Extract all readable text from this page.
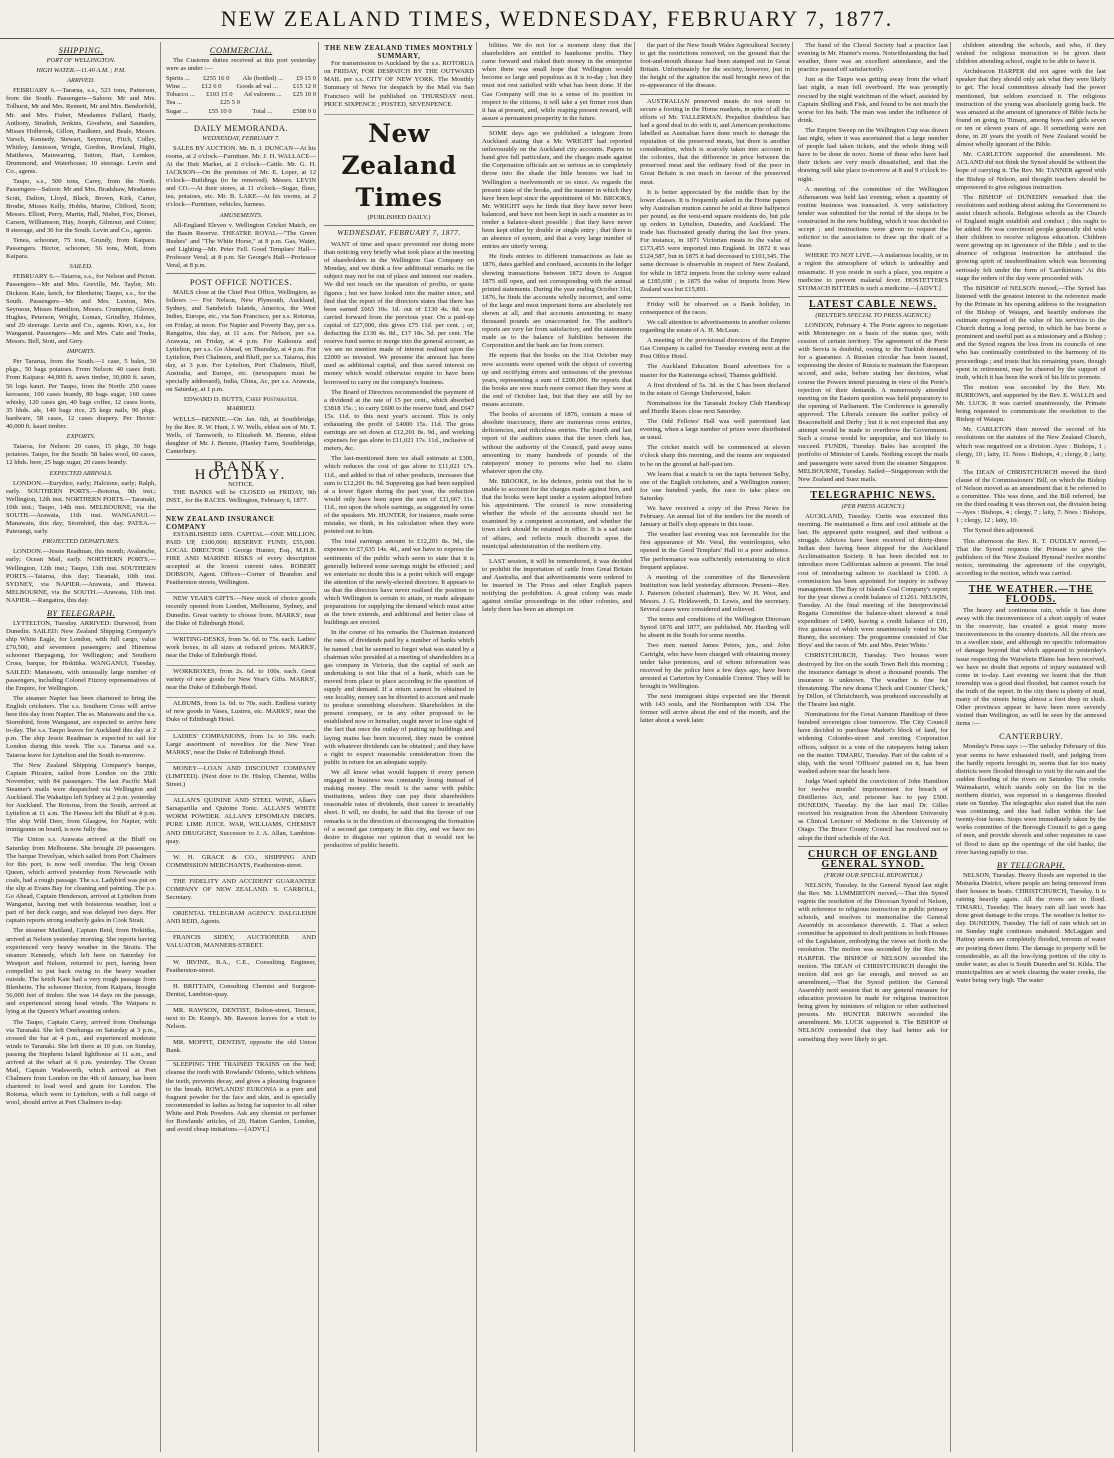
NEW ZEALAND TIMES, WEDNESDAY, FEBRUARY 7, 1877.
SHIPPING.
PORT OF WELLINGTON.
HIGH WATER.—11.40 A.M. ; P.M.
ARRIVED.

FEBRUARY 6.—Tararua, s.s., 523 tons, Patterson, from the South. Passengers—Saloon: Mr and Mrs. Tolhurst, Mr and Mrs. Rennett, Mr and Mrs. Bendorfeld, Mr. and Mrs. Fisher, Mesdames Fullard, Hardy, Anthony, Stradish, Jenkins, Goodwin, and Saunders, Misses Holbrook, Gillon, Faulkner, and Beale, Messrs. Varsch, Kennedy, Stewart, Seymour, Fitch, Colley, Whitley, Jamieson, Wright, Gordon, Rowland, Hight, Matthews, Mainwaring, Sutton, Hart, Lemkoe, Drummond, and Waterhouse; 10 steerage. Levin and Co., agents.

Taupo, s.s., 500 tons, Carey, from the North. Passengers—Saloon: Mr and Mrs. Bradshaw, Mesdames Scott, Dalton, Lloyd, Black, Brown, Kirk, Carter, Brodie, Misses Kelly, Hobbs, Marine, Clifford, Scott; Messrs. Elliott, Perry, Martin, Hall, Nisbet, Fox, Dorset, Carson, Williamson, Hay, Joseph, Gilmour, and Cottee; 8 steerage, and 30 for the South. Levin and Co., agents.

Tenea, schooner, 75 tons, Grundy, from Kaipara. Passengers. Hector, schooner, 56 tons, Mott, from Kaipara.

SAILED.

FEBRUARY 6.—Taiaroa, s.s., for Nelson and Picton. Passengers—Mr and Mrs. Greville, Mr. Taylor, Mr. Dickson. Kate, ketch, for Blenheim; Taupo, s.s., for the South. Passengers—Mr. and Mrs. Luxton, Mrs. Seymour, Misses Hamilton, Messrs. Crumpton, Glover, Hughes, Peterson, Wright, Lomax, Grindley, Holmes, and 20 steerage. Levin and Co., agents. Kiwi, s.s., for Wanganui. Passengers—Mr. and Mrs. Cato and Tonks, Messrs. Bell, Stott, and Grey.

IMPORTS.

Per Tararua, from the South.—1 case, 5 bales, 30 pkgs., 50 bags potatoes. From Nelson: 40 cases fruit. From Kaipara: 44,000 ft. sawn timber, 30,000 ft. sawn, 56 logs kauri. Per Taupo, from the North: 250 cases kerosene, 100 cases brandy, 80 bags sugar, 160 cases whisky, 120 cases gin, 40 bags coffee, 12 cases boots, 35 hhds. ale, 140 bags rice, 25 kegs nails, 96 pkgs. hardware, 58 cases, 12 cases drapery. Per Hector: 40,000 ft. kauri timber.

EXPORTS.

Taiaroa, for Nelson: 20 cases, 15 pkgs, 30 bags potatoes. Taupo, for the South: 58 bales wool, 60 cases, 12 hhds. beer, 25 bags sugar, 20 cases brandy.

EXPECTED ARRIVALS.

LONDON.—Eurydice, early; Halcione, early; Ralph, early. SOUTHERN PORTS.—Botorua, 9th inst.; Wellington, 12th inst. NORTHERN PORTS.—Taranaki, 10th inst.; Taupo, 14th inst. MELBOURNE, via the SOUTH.—Arawata, 11th inst. WANGANUI.—Manawatu, this day; Stormbird, this day. PATEA.—Paterangi, early.

PROJECTED DEPARTURES.

LONDON.—Jessie Readman, this month; Avalanche, early; Ocean Mail, early. NORTHERN PORTS.—Wellington, 12th inst.; Taupo, 13th inst. SOUTHERN PORTS.—Taiaroa, this day; Taranaki, 10th inst. SYDNEY, via NAPIER.—Arawata, and Hawea. MELBOURNE, via the SOUTH.—Arawata, 11th inst. NAPIER.—Rangatira, this day.

BY TELEGRAPH.

LYTTELTON, Tuesday. ARRIVED: Durwood, from Dunedin. SAILED: New Zealand Shipping Company's ship White Eagle, for London, with full cargo, value £70,500, and seventeen passengers; and Hinemoa schooner Harpagong, for Wellington; and Southern Cross, barque, for Hokitika. WANGANUI, Tuesday. SAILED: Manawatu, with unusually large number of passengers, including Colonel Fitzroy representatives of the Empire, for Wellington.

The steamer Napier has been chartered to bring the English cricketers. The s.s. Southern Cross will arrive here this day from Napier. The ss. Manawatu and the s.s. Stormbird, from Wanganui, are expected to arrive here to-day. The s.s. Taupo leaves for Auckland this day at 2 p.m. The ship Jessie Readman is expected to sail for London during this week. The s.s. Tararua and s.s. Taiaroa leave for Lyttelton and the South to-morrow.

The New Zealand Shipping Company's barque, Captain Pitcairn, sailed from London on the 20th November, with 84 passengers. The last Pacific Mail Steamer's mails were despatched via Wellington and Auckland. The Wakatipu left Sydney at 2 p.m. yesterday for Auckland. The Rotorua, from the South, arrived at Lyttelton at 11 a.m. The Hawea left the Bluff at 4 p.m. The ship Wild Deer, from Glasgow, for Napier, with immigrants on board, is now fully due.

The Union s.s. Arawata arrived at the Bluff on Saturday from Melbourne. She brought 20 passengers. The barque Trevelyan, which sailed from Port Chalmers for this port, is now well overdue. The brig Ocean Queen, which arrived yesterday from Newcastle with coals, had a rough passage. The s.s. Ladybird was put on the slip at Evans Bay for cleaning and painting. The p.s. Go Ahead, Captain Henderson, arrived at Lyttelton from Wanganui, having met with boisterous weather, lost a part of her deck cargo, and was delayed two days. Her captain reports strong southerly gales in Cook Strait.

The steamer Maitland, Captain Reid, from Hokitika, arrived at Nelson yesterday morning. She reports having experienced very heavy weather in the Straits. The steamer Kennedy, which left here on Saturday for Westport and Nelson, returned to port, having been compelled to put back owing to the heavy weather outside. The ketch Kate had a very rough passage from Blenheim. The schooner Hector, from Kaipara, brought 56,000 feet of timber. She was 14 days on the passage, and experienced strong head winds. The Waipara is lying at the Queen's Wharf awaiting orders.

The Taupo, Captain Carey, arrived from Onehunga via Taranaki. She left Onehunga on Saturday at 3 p.m., crossed the bar at 4 p.m., and experienced moderate winds to Taranaki. She left there at 10 p.m. on Sunday, passing the Stephens Island lighthouse at 11 a.m., and arrived at the wharf at 6 p.m. yesterday. The Ocean Mail, Captain Wadsworth, which arrived at Port Chalmers from London on the 4th of January, has been chartered to load wool and grain for London. The Rotorua, which went to Lyttelton, with a full cargo of wool, should arrive at Port Chalmers to-day.

COMMERCIAL.

The Customs duties received at this port yesterday were as under :—

Spirits ... £255 16 0 Ale (bottled) ... £9 15 0
Wine ... £12 6 0 Goods ad val ... £15 12 0
Tobacco ... £103 15 0 Ad valorem ... £25 10 0
Tea ...	£25 5 0
Sugar ...	£55 10 0	Total ...	£508 9 0
DAILY MEMORANDA.
WEDNESDAY, FEBRUARY 7.

SALES BY AUCTION. Mr. B. J. DUNCAN—At his rooms, at 2 o'clock—Furniture. Mr. J. H. WALLACE—At the Hutt Market, at 2 o'clock—Cattle. Mr. G. H. JACKSON—On the premises of Mr. E. Loper, at 12 o'clock—Buildings (to be removed). Messrs. LEVIN and CO.—At their stores, at 11 o'clock—Sugar, flour, tea, potatoes, etc. Mr. B. LAKE—At his rooms, at 2 o'clock—Furniture, vehicles, harness.

AMUSEMENTS.

All-England Eleven v. Wellington Cricket Match, on the Basin Reserve. THEATRE ROYAL—"The Green Bushes" and "The White Horse," at 8 p.m. Gas, Water, and Lighting—Mr. Peter Fell. Good Templars' Hall—Professor Veral, at 8 p.m. Sir George's Hall—Professor Veral, at 8 p.m.

POST OFFICE NOTICES.

MAILS close at the Chief Post Office, Wellington, as follows :— For Nelson, New Plymouth, Auckland, Sydney, and Sandwich Islands, America, the West Indies, Europe, etc., via San Francisco, per s.s. Rotorua, on Friday, at noon. For Napier and Poverty Bay, per s.s. Rangatira, this day, at 11 a.m. For Nelson, per s.s. Arawata, on Friday, at 4 p.m. For Kaikoura and Lyttelton, per s.s. Go Ahead, on Thursday, at 4 p.m. For Lyttelton, Port Chalmers, and Bluff, per s.s. Taiaroa, this day, at 3 p.m. For Lyttelton, Port Chalmers, Bluff, Australia, and Europe, etc. (newspapers must be specially addressed), India, China, Ac, per s.s. Arawata, on Saturday, at 1 p.m.

EDWARD D. BUTTS, Chief Postmaster.
MARRIED.

WELLS—BENNIE.—On Jan. 6th, at Southbridge, by the Rev. R. W. Hunt, J. W. Wells, eldest son of Mr. T. Wells, of Tamworth, to Elizabeth M. Bennie, eldest daughter of Mr. J. Bennie, (Hanley Farm, Southbridge, Canterbury.

BANK HOLIDAY.
NOTICE.

THE BANKS will be CLOSED on FRIDAY, 9th INST., for the RACES. Wellington, February 6, 1877.

NEW ZEALAND INSURANCE COMPANY

ESTABLISHED 1859. CAPITAL—ONE MILLION. PAID UP, £100,000; RESERVE FUND, £55,000. LOCAL DIRECTOR : George Hunter, Esq., M.H.R. FIRE AND MARINE RISKS of every description accepted at the lowest current rates. ROBERT DOBSON, Agent. Offices—Corner of Brandon and Featherston streets, Wellington.

NEW YEAR'S GIFTS.—New stock of choice goods recently opened from London, Melbourne, Sydney, and Dunedin. Great variety to choose from. MARKS', near the Duke of Edinburgh Hotel.

WRITING-DESKS, from 5s. 6d. to 75s. each. Ladies' work boxes, in all sizes at reduced prices. MARKS', near the Duke of Edinburgh Hotel.

WORKBOXES, from 2s. 6d. to 100s. each. Great variety of new goods for New Year's Gifts. MARKS', near the Duke of Edinburgh Hotel.

ALBUMS, from 1s. 6d. to 70s. each. Endless variety of new goods in Vases, Lustres, etc. MARKS', near the Duke of Edinburgh Hotel.

LADIES' COMPANIONS, from 1s. to 30s. each. Large assortment of novelties for the New Year. MARKS', near the Duke of Edinburgh Hotel.

MONEY—LOAN AND DISCOUNT COMPANY (LIMITED). (Next door to Dr. Hislop, Chemist, Willis Street.)

ALLAN'S QUININE AND STEEL WINE, Allan's Sarsaparilla and Quinine Tonic. ALLAN'S WHITE WORM POWDER. ALLAN'S EPSOMIAN DROPS. PURE LIME JUICE. WAR, WILLIAMS, CHEMIST AND DRUGGIST, Successor to J. A. Allan, Lambton-quay.

W. H. GRACE & CO., SHIPPING AND COMMISSION MERCHANTS, Featherston-street.

THE FIDELITY AND ACCIDENT GUARANTEE COMPANY OF NEW ZEALAND. S. CARROLL, Secretary.

ORIENTAL TELEGRAM AGENCY. DALGLEISH AND REID, Agents.

FRANCIS SIDEY, AUCTIONEER AND VALUATOR, MANNERS-STREET.

W. IRVINE, B.A., C.E., Consulting Engineer, Featherston-street.

H. BRITTAIN, Consulting Chemist and Surgeon-Dentist, Lambton-quay.

MR. RAWSON, DENTIST, Bolton-street, Terrace, next to Dr. Kemp's. Mr. Rawson leaves for a visit to Nelson.

MR. MOFFIT, DENTIST, opposite the old Union Bank.

SLEEPING THE TRAINED TRAINS on the bed; cleanse the tooth with Rowlands' Odonto, which whitens the teeth, prevents decay, and gives a pleasing fragrance to the breath. ROWLANDS' EUKONIA is a pure and fragrant powder for the face and skin, and is specially recommended to ladies as being far superior to all other White and Pink Powders. Ask any chemist or perfumer for Rowlands' articles, of 20, Hatton Garden, London, and avoid cheap imitations.—[ADVT.]

THE NEW ZEALAND TIMES MONTHLY SUMMARY,

For transmission to Auckland by the s.s. ROTORUA on FRIDAY, FOR DESPATCH BY THE OUTWARD MAIL per s.s. CITY OF NEW YORK. The Monthly Summary of News for despatch by the Mail via San Francisco will be published on THURSDAY next. PRICE SIXPENCE ; POSTED, SEVENPENCE.

New Zealand Times
(PUBLISHED DAILY.)
WEDNESDAY, FEBRUARY 7, 1877.

WANT of time and space prevented our doing more than noticing very briefly what took place at the meeting of shareholders in the Wellington Gas Company on Monday, and we think a few additional remarks on the subject may not be out of place and interest our readers. We did not touch on the question of profits, or quote figures ; but we have looked into the matter since, and find that the report of the directors states that there has been earned £665 10s. 1d. out of £130 4s. 8d. was carried forward from the previous year. On a paid-up capital of £27,000, this gives £75 11d. per cent. ; or, deducting the £130 4s. 8d., £17 18s. 5d. per cent. The reserve fund seems to merge into the general account, as we see no mention made of interest realised upon the £2000 so invested. We presume the amount has been used as additional capital, and thus saved interest on money which would otherwise require to have been borrowed to carry on the company's business.

The Board of Directors recommended the payment of a dividend at the rate of 15 per cent., which absorbed £3818 15s. ; to carry £600 to the reserve fund, and £647 15s. 11d. to this next year's account. This is only exhausting the profit of £4000 15s. 11d. The gross earnings are set down at £12,201 8s. 9d., and working expenses for gas alone to £11,021 17s. 11d., inclusive of meters, &c.

The last-mentioned item we shall estimate at £300, which reduces the cost of gas alone to £11,021 17s. 11d., and added to that of other products, increases that sum to £12,201 8s. 9d. Supposing gas had been supplied at a lower figure during the past year, the reduction would only have been upon the sum of £11,667 11s. 11d., not upon the whole earnings, as suggested by some of the speakers. Mr. HUNTER, for instance, made some mistake, we think, in his calculation when they were pointed out to him.

The total earnings amount to £12,201 8s. 9d., the expenses to £7,635 14s. 4d., and we have to express the sentiments of the public which seem to state that it is generally believed some savings might be effected ; and we entertain no doubt this is a point which will engage the attention of the newly-elected directors. It appears to us that the directors have never realised the position to which Wellington is certain to attain, or made adequate preparations for supplying the demand which must arise as the town extends, and additional and better class of buildings are erected.

In the course of his remarks the Chairman instanced the rates of dividends paid by a number of banks which he named ; but he seemed to forget what was stated by a chairman who presided at a meeting of shareholders in a gas company in Victoria, that the capital of such an undertaking is not like that of a bank, which can be moved from place to place according to the question of supply and demand. If a return cannot be obtained in one locality, money can be diverted to account and made to produce something elsewhere. Shareholders in the present company, or in any other proposed to be established now or hereafter, ought never to lose sight of the fact that once the outlay of putting up buildings and laying mains has been incurred, they must be content with whatever dividends can be obtained ; and they have a right to expect reasonable consideration from the public in return for an adequate supply.

We all know what would happen if every person engaged in business was constantly losing instead of making money. The result is the same with public institutions, unless they can pay their shareholders reasonable rates of dividends, their career is invariably short. It will, no doubt, be said that the favour of our remarks is in the direction of discouraging the formation of a second gas company in this city, and we have no desire to disguise our opinion that it would not be productive of public benefit.

bilities. We do not for a moment deny that the shareholders are entitled to handsome profits. They came forward and risked their money in the enterprise when there was small hope that Wellington would become so large and populous as it is to-day ; but they must not rest satisfied with what has been done. If the Gas Company will rise to a sense of its position in respect to the citizens, it will take a yet firmer root than it has at present, and, while reaping present reward, will assure a permanent prosperity in the future.

SOME days ago we published a telegram from Auckland stating that a Mr. WRIGHT had reported unfavourably on the Auckland city accounts. Papers to hand give full particulars, and the charges made against the Corporation officials are so serious as to completely throw into the shade the little breezes we had in Wellington a twelvemonth or so since. As regards the present state of the books, and the manner in which they have been kept since the appointment of Mr. BROOKS, Mr. WRIGHT says he finds that they have never been balanced, and have not been kept in such a manner as to render a balance-sheet possible ; that they have never been kept either by double or single entry ; that there is an absence of system, and that a very large number of entries are utterly wrong.

He finds entries to different transactions as late as 1876, dates garbled and confused, accounts in the ledger showing transactions between 1872 down to August 1875 still open, and not corresponding with the annual printed statements. During the year ending October 31st, 1876, he finds the accounts wholly incorrect, and some of the large and most important items are absolutely not shown at all, and that accounts amounting to many thousand pounds are unaccounted for. The auditor's reports are very far from satisfactory, and the statements made as to the balance of liabilities between the Corporation and the bank are far from correct.

He reports that the books on the 31st October may now accounts were opened with the object of covering up and rectifying errors and omissions of the previous years, representing a sum of £200,000. He reports that the books are now much more correct than they were at the end of October last, but that they are still by no means accurate.

The books of accounts of 1876, contain a mass of absolute inaccuracy, there are numerous cross entries, deficiencies, and ridiculous entries. The fourth and last report of the auditors states that the town clerk has, without the authority of the Council, paid away sums amounting to many hundreds of pounds of the ratepayers' money to persons who had no claim whatever upon the city.

Mr. BROOKE, in his defence, points out that he is unable to account for the charges made against him, and that the books were kept under a system adopted before his appointment. The council is now considering whether the whole of the accounts should not be examined by a competent accountant, and whether the town clerk should be retained in office. It is a sad state of affairs, and reflects much discredit upon the municipal administration of the northern city.

LAST session, it will be remembered, it was decided to prohibit the importation of cattle from Great Britain and Australia, and that advertisements were ordered to be inserted in The Press and other English papers notifying the prohibition. A great colony was made against similar proceedings in the other colonies, and lately there has been an attempt on

the part of the New South Wales Agricultural Society to get the restrictions removed, on the ground that the foot-and-mouth disease had been stamped out in Great Britain. Unfortunately for the society, however, just in the height of the agitation the mail brought news of the re-appearance of the disease.

AUSTRALIAN preserved meats do not seem to secure a footing in the Home markets, in spite of all the efforts of Mr. TALLERMAN. Prejudice doubtless has had a good deal to do with it, and American productions labelled as Australian have done much to damage the reputation of the preserved meats, but there is another consideration, which is scarcely taken into account in the colonies, that the difference in price between the preserved meat and the ordinary food of the poor in Great Britain is not much in favour of the preserved meat.

It is better appreciated by the middle than by the lower classes. It is frequently asked in the Home papers why Australian mutton cannot be sold at three halfpence per pound, as the west-end square residents do, but pile up orders in Lyttelton, Dunedin, and Auckland. The trade has fluctuated greatly during the last five years. For instance, in 1871 Victorian meats to the value of £173,455 were imported into England. In 1872 it was £124,587, but in 1875 it had decreased to £101,345. The same decrease is observable in respect of New Zealand, for while in 1872 imports from the colony were valued at £185,690 ; in 1875 the value of imports from New Zealand was but £15,891.

Friday will be observed as a Bank holiday, in consequence of the races.

We call attention to advertisements in another column regarding the estate of A. H. McLean.

A meeting of the provisional directors of the Empire Gas Company is called for Tuesday evening next at the Post Office Hotel.

The Auckland Education Board advertises for a master for the Kaiteranga school, Thames goldfield.

A first dividend of 5s. 3d. in the £ has been declared in the estate of George Underwood, baker.

Nominations for the Taranaki Jockey Club Handicap and Hurdle Races close next Saturday.

The Odd Fellows' Hall was well patronised last evening, when a large number of prizes were distributed as usual.

The cricket match will be commenced at eleven o'clock sharp this morning, and the teams are requested to be on the ground at half-past ten.

We learn that a match is on the tapis between Selby, one of the English cricketers, and a Wellington runner, for one hundred yards, the race to take place on Saturday.

We have received a copy of the Press News for February. An annual list of the tenders for the month of January at Bell's shop appears in this issue.

The weather last evening was not favourable for the first appearance of Mr. Veral, the ventriloquist, who opened in the Good Templars' Hall to a poor audience. The performance was sufficiently entertaining to elicit frequent applause.

A meeting of the committee of the Benevolent Institution was held yesterday afternoon. Present—Rev. J. Paterson (elected chairman), Rev. W. H. West, and Messrs. J. G. Holdsworth, D. Lewis, and the secretary. Several cases were considered and relieved.

The terms and conditions of the Wellington Diocesan Synod 1876 and 1877, are published. Mr. Harding will be absent in the South for some months.

Two men named James Peters, jun., and John Cartright, who have been charged with obtaining money under false pretences, and of whom information was received by the police here a few days ago, have been arrested at Carterton by Constable Connor. They will be brought to Wellington.

The next immigrant ships expected are the Hermit with 143 souls, and the Northampton with 334. The former will arrive about the end of the month, and the latter about a week later.

The band of the Choral Society had a practice last evening in Mr. Hunter's rooms. Notwithstanding the bad weather, there was an excellent attendance, and the practice passed off satisfactorily.

Just as the Taupo was getting away from the wharf last night, a man fell overboard. He was promptly rescued by the night watchman of the wharf, assisted by Captain Shilling and Fisk, and found to be not much the worse for his bath. The man was under the influence of drink.

The Empire Sweep on the Wellington Cup was drawn last night, when it was ascertained that a large number of people had taken tickets, and the whole thing will have to be done de novo. Some of these who have had their tickets are very much dissatisfied, and that the drawing will take place to-morrow at 8 and 9 o'clock to-night.

A meeting of the committee of the Wellington Athenaeum was held last evening, when a quantity of routine business was transacted. A very satisfactory tender was submitted for the rental of the shops to be constructed in the new building, which it was decided to accept ; and instructions were given to request the solicitor to the association to draw up the draft of a lease.

WHERE TO NOT LIVE.—A malarious locality, or in a region the atmosphere of which is unhealthy and miasmatic. If you reside in such a place, you require a medicine to prevent malarial fever. HOSTETTER'S STOMACH BITTERS is such a medicine.—[ADVT.]

LATEST CABLE NEWS.
(REUTER'S SPECIAL TO PRESS AGENCY.)

LONDON, February 4. The Porte agrees to negotiate with Montenegro on a basis of the status quo, with cession of certain territory. The agreement of the Porte with Servia is doubtful, owing to the Turkish demand for a guarantee. A Russian circular has been issued, expressing the desire of Russia to maintain the European accord, and asks, before stating her decision, what course the Powers intend pursuing in view of the Porte's rejection of their demands. A numerously attended meeting on the Eastern question was held preparatory to the opening of Parliament. The Conference is generally approved. The Liberals censure the earlier policy of Beaconsfield and Derby ; but it is not expected that any attempt would be made to overthrow the Government. Such a course would be unpopular, and not likely to succeed. FUNDS, Tuesday. Bales has accepted the portfolio of Minister of Lands. Nothing except the mails and passengers were saved from the steamer Singapore. MELBOURNE, Tuesday. Sailed—Singaporean with the New Zealand and Suez mails.

TELEGRAPHIC NEWS.
(PER PRESS AGENCY.)

AUCKLAND, Tuesday. Curtis was executed this morning. He maintained a firm and cool attitude at the last. He appeared quite resigned, and died without a struggle. Advices have been received of thirty-three Indian deer having been shipped for the Auckland Acclimatisation Society. It has been decided not to introduce more Californian salmon at present. The total cost of introducing salmon to Auckland is £100. A commission has been appointed for inquiry to railway management. The Bay of Islands Coal Company's report for the year shows a credit balance of £1261. NELSON, Tuesday. At the final meeting of the Interprovincial Regatta Committee the balance-sheet showed a total expenditure of £490, leaving a credit balance of £10, five guineas of which were unanimously voted to Mr. Bunny, the secretary. The programme consisted of Oar Boys' and the races of 'Mr. and Mrs. Peter White.'

CHRISTCHURCH, Tuesday. Two houses were destroyed by fire on the south Town Belt this morning ; the insurance damage is about a thousand pounds. The insurance is unknown. The weather is fine but threatening. The new drama 'Check and Counter Check,' by Dillon, of Christchurch, was produced successfully at the Theatre last night.

Nominations for the Great Autumn Handicap of three hundred sovereigns close tomorrow. The City Council have decided to purchase Market's block of land, for widening Colombo-street and erecting Corporation offices, subject to a vote of the ratepayers being taken on the matter. TIMARU, Tuesday. Part of the cabin of a ship, with the word 'Officers' painted on it, has been washed ashore near the beach here.

Judge Ward upheld the conviction of John Hamilton for twelve months' imprisonment for breach of Distilleries Act, and prisoner has to pay £500. DUNEDIN, Tuesday. By the last mail Dr. Gilles received his resignation from the Aberdeen University as Clinical Lecturer of Medicine in the University of Otago. The Bruce County Council has resolved not to adopt the third schedule of the Act.

CHURCH OF ENGLAND GENERAL SYNOD.
(FROM OUR SPECIAL REPORTER.)

NELSON, Tuesday. In the General Synod last night the Rev. Mr. LUMMIRTON moved,—That this Synod regrets the resolution of the Diocesan Synod of Nelson, with reference to religious instruction in public primary schools, and resolves to memorialise the General Assembly in accordance therewith. 2. That a select committee be appointed to draft petitions to both Houses of the Legislature, embodying the views set forth in the resolution. The motion was seconded by the Rev. Mr. HARPER. The BISHOP of NELSON seconded the motion. The DEAN of CHRISTCHURCH thought the motion did not go far enough, and moved as an amendment,—That the Synod petition the General Assembly next session that in any general measure for education provision be made for religious instruction being given by ministers of religion or other authorised persons. Mr. HUNTER BROWN seconded the amendment. Mr. LUCK supported it. The BISHOP of NELSON contended that they had better ask for something they were likely to get.

children attending the schools, and who, if they wished for religious instruction to be given their children attending school, ought to be able to have it.

Archdeacon HARPER did not agree with the last speaker that they should only ask what they were likely to get. The local committees already had the power mentioned, but seldom exercised it. The religious instruction of the young was absolutely going back. He was amazed at the amount of ignorance of Bible facts he found on going to Timaru, among boys and girls seven or ten or eleven years of age. If something were not done, in 20 years the youth of New Zealand would be almost wholly ignorant of the Bible.

Mr. CARLETON supported the amendment. Mr. ACLAND did not think the Synod should be without the hope of carrying it. The Rev. Mr. TANNER agreed with the Bishop of Nelson, and thought teachers should be empowered to give religious instruction.

The BISHOP of DUNEDIN remarked that the resolutions said nothing about asking the Government to assist church schools. Religious schools as the Church of England might establish and conduct ; this ought to be added. He was convinced people generally did wish their children to receive religious education. Children were growing up in ignorance of the Bible ; and to the absence of religious instruction he attributed the growing spirit of insubordination which was becoming seriously felt under the form of 'Larrikinism.' At this stage the orders of the day were proceeded with.

The BISHOP of NELSON moved,—The Synod has listened with the greatest interest to the reference made by the Primate in his opening address to the resignation of the Bishop of Waiapu, and heartily endorses the estimate expressed of the value of his services to the Church during a long period, in which he has borne a prominent and useful part as a missionary and a Bishop ; and the Synod regrets the loss from its councils of one who has continually contributed to the harmony of its proceedings ; and trusts that his remaining years, though spent in retirement, may be cheered by the support of truth, which it has been the work of his life to promote.

The motion was seconded by the Rev. Mr. BURROWS, and supported by the Rev. E. WALLIS and Mr. LUCK. It was carried unanimously, the Primate being requested to communicate the resolution to the Bishop of Waiapu.

Mr. CARLETON then moved the second of his resolutions on the statutes of the New Zealand Church, which was negatived on a division. Ayes : Bishops, 1 ; clergy, 10 ; laity, 11. Noes : Bishops, 4 ; clergy, 8 ; laity, 9.

The DEAN of CHRISTCHURCH moved the third clause of the Commissioners' Bill, on which the Bishop of Nelson moved as an amendment that it be referred to a committee. This was done, and the Bill referred, but on the third reading it was thrown out, the division being—Ayes : Bishops, 4 ; clergy, 7 ; laity, 7. Noes : Bishops, 1 ; clergy, 12 ; laity, 10.

The Synod then adjourned.

This afternoon the Rev. R. T. DUDLEY moved,—That the Synod requests the Primate to give the publishers of the 'New Zealand Hymnal' twelve months' notice, terminating the agreement of the copyright, according to the motion, which was carried.

THE WEATHER.—THE FLOODS.

The heavy and continuous rain, while it has done away with the inconvenience of a short supply of water in the reservoir, has created a great many more inconveniences in the country districts. All the rivers are in a swollen state, and although no specific information of damage beyond that which appeared in yesterday's issue respecting the Waiwhetu Plains has been received, we have no doubt that reports of injury sustained will come in to-day. Last evening we learnt that the Hutt township was a good deal flooded, but cannot vouch for the truth of the report. In the city there is plenty of mud, many of the streets being almost a foot deep in slush. Other provinces appear to have been more severely visited than Wellington, as will be seen by the annexed items :—

CANTERBURY.

Monday's Press says :—The unlucky February of this year seems to have exhausted itself, and judging from the hardly reports brought in, seems that far too many districts were flooded through to visit by the rain and the sudden flooding of the rivers on Saturday. The creeks Waimakariri, which stands only on the list in the northern district, was reported in a dangerous flooded state on Sunday. The telegraphic also stated that the rain was continuing, and this had fallen within the last twenty-four hours. Stops were immediately taken by the works committee of the Borough Council to get a gang of men, and provide shovels and other requisites in case of flood to dam up the openings of the old banks, the river having rapidly to rise.

BY TELEGRAPH.

NELSON, Tuesday. Heavy floods are reported in the Motueka District, where people are being removed from their houses in boats. CHRISTCHURCH, Tuesday. It is raining heavily again. All the rivers are in flood. TIMARU, Tuesday. The heavy rain all last week has done great damage to the crops. The weather is better to-day. DUNEDIN, Tuesday. The fall of rain which set in on Sunday night continues unabated. McLaggan and Hattray streets are completely flooded, torrents of water are pouring down them. The damage to property will be considerable, as all the low-lying portion of the city is under water, as also is South Dunedin and St. Kilda. The municipalities are at work clearing the water creeks, the water being very high. The water
